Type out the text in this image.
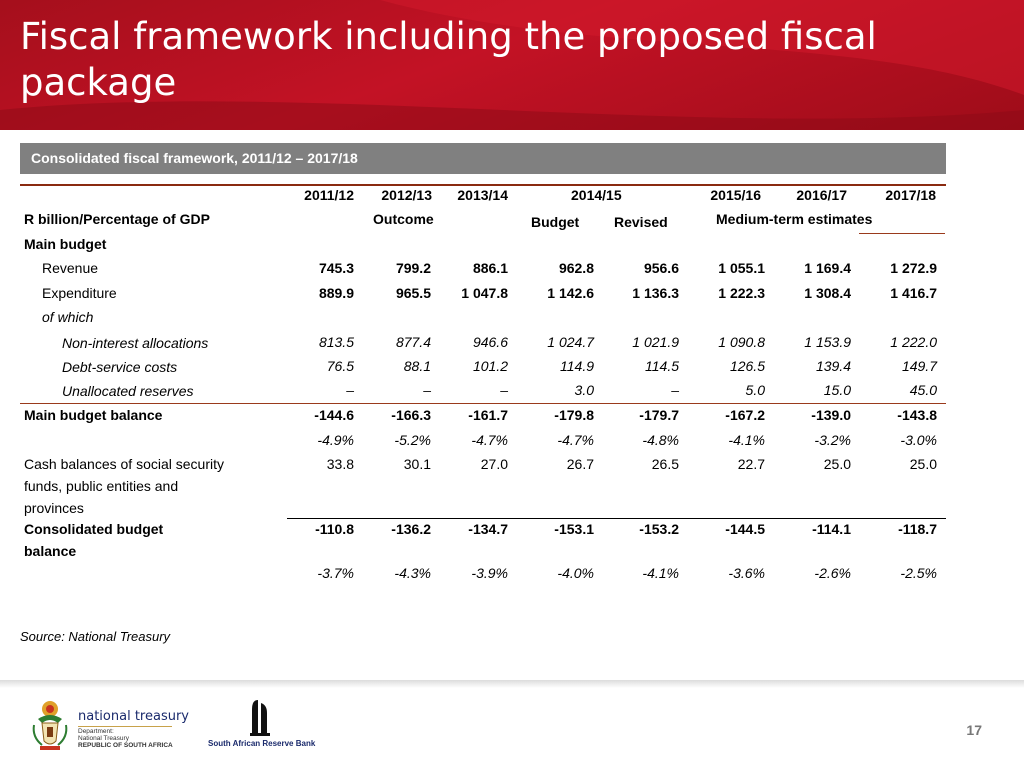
Fiscal framework including the proposed fiscal package
Consolidated fiscal framework, 2011/12 – 2017/18
2011/12	2012/13	2013/14	2014/15	2015/16	2016/17	2017/18
R billion/Percentage of GDP	Outcome	Budget Revised	Medium-term estimates
Main budget
Revenue	745.3	799.2	886.1	962.8	956.6	1 055.1	1 169.4	1 272.9
Expenditure	889.9	965.5	1 047.8	1 142.6	1 136.3	1 222.3	1 308.4	1 416.7
of which
Non-interest allocations	813.5	877.4	946.6	1 024.7	1 021.9	1 090.8	1 153.9	1 222.0
Debt-service costs	76.5	88.1	101.2	114.9	114.5	126.5	139.4	149.7
Unallocated reserves	–	–	–	3.0	–	5.0	15.0	45.0
Main budget balance	-144.6	-166.3	-161.7	-179.8	-179.7	-167.2	-139.0	-143.8
-4.9%	-5.2%	-4.7%	-4.7%	-4.8%	-4.1%	-3.2%	-3.0%
Cash balances of social security
funds, public entities and
provinces
33.8	30.1	27.0	26.7	26.5	22.7	25.0	25.0
Consolidated budget
balance
-110.8	-136.2	-134.7	-153.1	-153.2	-144.5	-114.1	-118.7
-3.7%	-4.3%	-3.9%	-4.0%	-4.1%	-3.6%	-2.6%	-2.5%
Source: National Treasury
national treasury
Department:
National Treasury
REPUBLIC OF SOUTH AFRICA	South African Reserve Bank
17
